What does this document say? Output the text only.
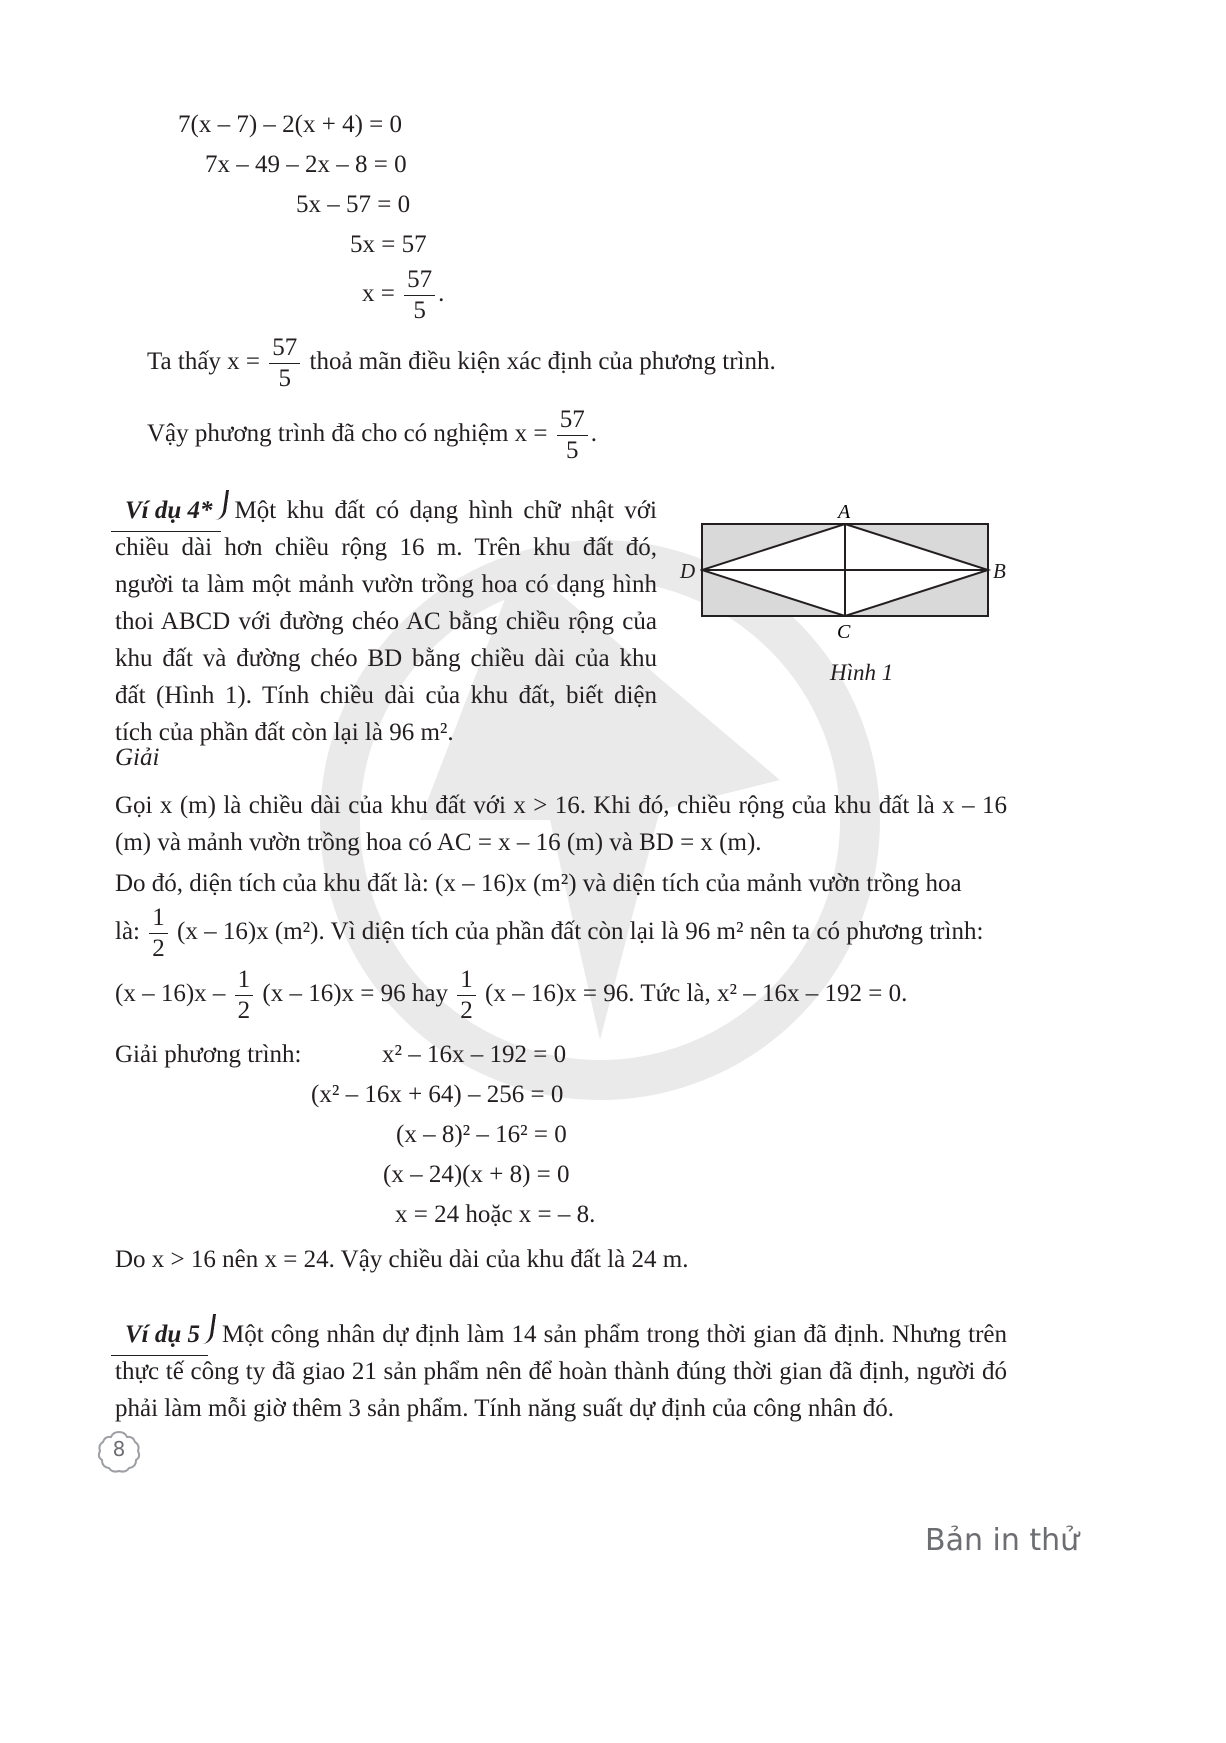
7(x – 7) – 2(x + 4) = 0
7x – 49 – 2x – 8 = 0
5x – 57 = 0
5x = 57
$x = \frac{57}{5}$ .
Ta thấy $x = \frac{57}{5}$ thoả mãn điều kiện xác định của phương trình.
Vậy phương trình đã cho có nghiệm $x = \frac{57}{5}$ .
Ví dụ 4* Một khu đất có dạng hình chữ nhật với chiều dài hơn chiều rộng 16 m. Trên khu đất đó, người ta làm một mảnh vườn trồng hoa có dạng hình thoi ABCD với đường chéo AC bằng chiều rộng của khu đất và đường chéo BD bằng chiều dài của khu đất (Hình 1). Tính chiều dài của khu đất, biết diện tích của phần đất còn lại là 96 m².
A
C
D	B
Hình 1
Giải
Gọi x (m) là chiều dài của khu đất với x > 16. Khi đó, chiều rộng của khu đất là x – 16 (m) và mảnh vườn trồng hoa có AC = x – 16 (m) và BD = x (m).
Do đó, diện tích của khu đất là: (x – 16)x (m²) và diện tích của mảnh vườn trồng hoa
là: $\frac{1}{2} (x - 16)x$ (m²). Vì diện tích của phần đất còn lại là 96 m² nên ta có phương trình:
$(x - 16)x - \frac{1}{2} (x - 16)x = 96$ hay $\frac{1}{2} (x - 16)x = 96$. Tức là, x² – 16x – 192 = 0.
Giải phương trình:	x² – 16x – 192 = 0
(x² – 16x + 64) – 256 = 0
(x – 8)² – 16² = 0
(x – 24)(x + 8) = 0
x = 24 hoặc x = – 8.
Do x > 16 nên x = 24. Vậy chiều dài của khu đất là 24 m.
Ví dụ 5 Một công nhân dự định làm 14 sản phẩm trong thời gian đã định. Nhưng trên thực tế công ty đã giao 21 sản phẩm nên để hoàn thành đúng thời gian đã định, người đó phải làm mỗi giờ thêm 3 sản phẩm. Tính năng suất dự định của công nhân đó.
8
Bản in thử
